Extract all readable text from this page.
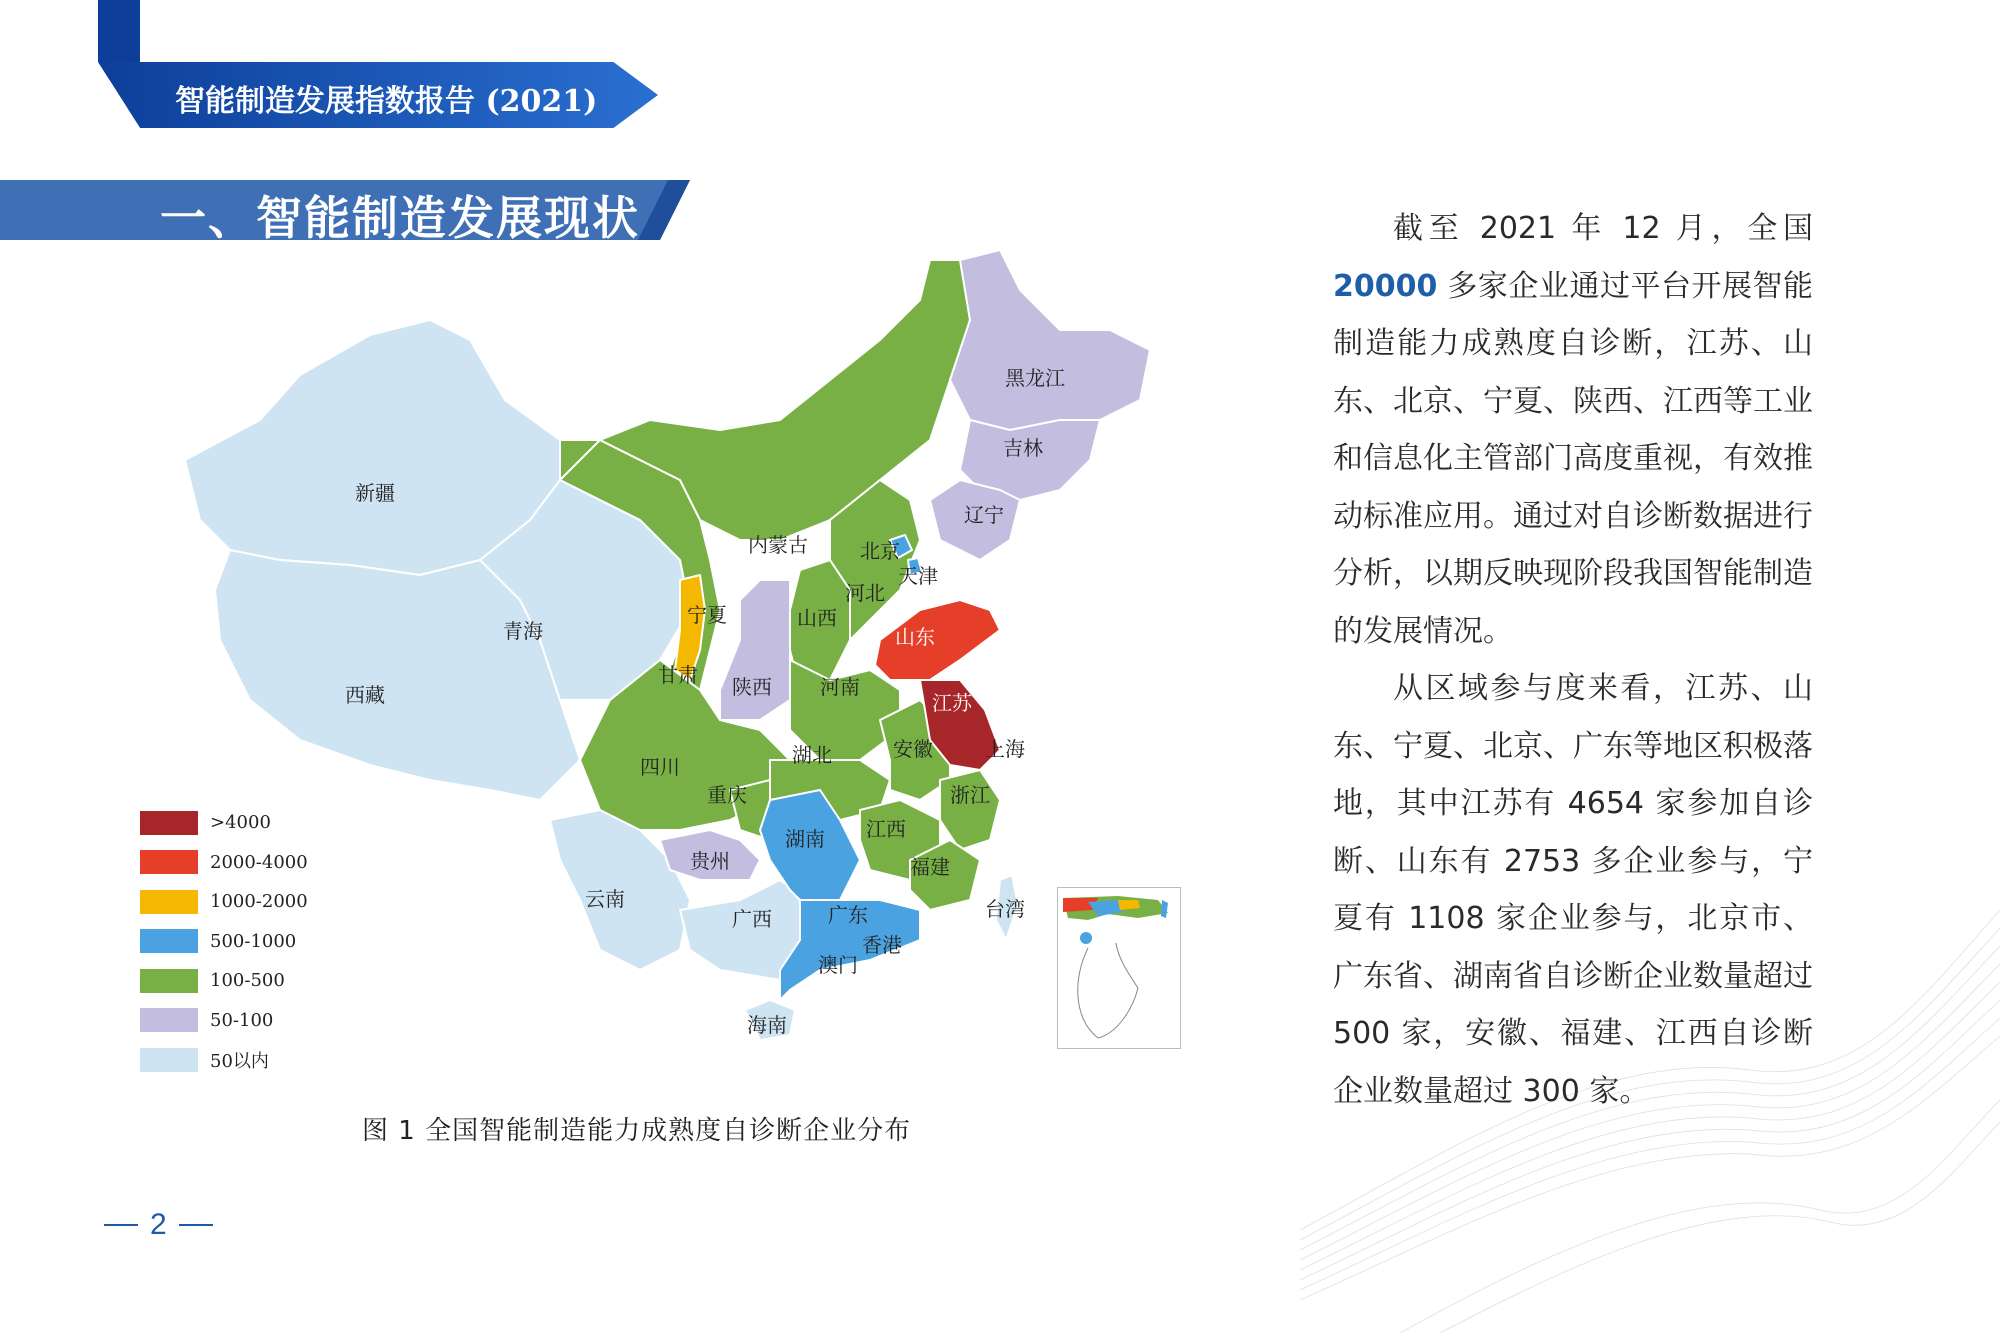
智能制造发展指数报告 (2021)
一、智能制造发展现状
新疆
西藏
青海
甘肃
内蒙古
宁夏
陕西
山西
河北
北京
天津
辽宁
吉林
黑龙江
山东
河南
江苏
安徽	上海
湖北
四川
重庆	浙江
江西
湖南
贵州	福建
云南
广西	广东	台湾
香港
澳门
海南
>4000
2000-4000
1000-2000
500-1000
100-500
50-100
50以内
图 1 全国智能制造能力成熟度自诊断企业分布

截至 2021 年 12 月，全国 20000 多家企业通过平台开展智能制造能力成熟度自诊断，江苏、山东、北京、宁夏、陕西、江西等工业和信息化主管部门高度重视，有效推动标准应用。通过对自诊断数据进行分析，以期反映现阶段我国智能制造的发展情况。

从区域参与度来看，江苏、山东、宁夏、北京、广东等地区积极落地，其中江苏有 4654 家参加自诊断、山东有 2753 多企业参与，宁夏有 1108 家企业参与，北京市、广东省、湖南省自诊断企业数量超过 500 家，安徽、福建、江西自诊断企业数量超过 300 家。

2
